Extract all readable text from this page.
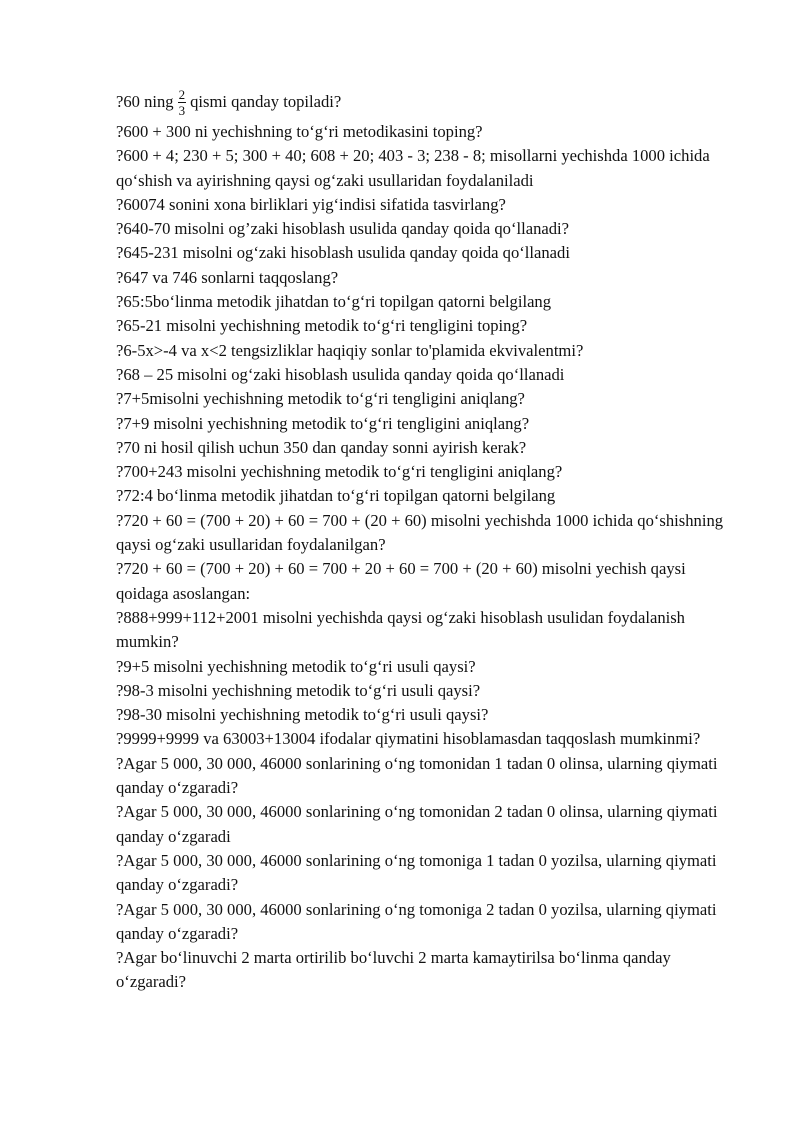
?60 ning $\frac{2}{3}$ qismi qanday topiladi?
?600 + 300 ni yechishning to‘g‘ri metodikasini toping?
?600 + 4; 230 + 5; 300 + 40; 608 + 20; 403 - 3; 238 - 8; misollarni yechishda 1000 ichida qo‘shish va ayirishning qaysi og‘zaki usullaridan foydalaniladi
?60074 sonini xona birliklari yig‘indisi sifatida tasvirlang?
?640-70 misolni og’zaki hisoblash usulida qanday qoida qo‘llanadi?
?645-231 misolni og‘zaki hisoblash usulida qanday qoida qo‘llanadi
?647 va 746 sonlarni taqqoslang?
?65:5bo‘linma metodik jihatdan to‘g‘ri topilgan qatorni belgilang
?65-21 misolni yechishning metodik to‘g‘ri tengligini toping?
?6-5x>-4 va x<2 tengsizliklar haqiqiy sonlar to'plamida ekvivalentmi?
?68 – 25 misolni og‘zaki hisoblash usulida qanday qoida qo‘llanadi
?7+5misolni yechishning metodik to‘g‘ri tengligini aniqlang?
?7+9 misolni yechishning metodik to‘g‘ri tengligini aniqlang?
?70 ni hosil qilish uchun 350 dan qanday sonni ayirish kerak?
?700+243 misolni yechishning metodik to‘g‘ri tengligini aniqlang?
?72:4 bo‘linma metodik jihatdan to‘g‘ri topilgan qatorni belgilang
?720 + 60 = (700 + 20) + 60 = 700 + (20 + 60) misolni yechishda 1000 ichida qo‘shishning qaysi og‘zaki usullaridan foydalanilgan?
?720 + 60 = (700 + 20) + 60 = 700 + 20 + 60 = 700 + (20 + 60) misolni yechish qaysi qoidaga asoslangan:
?888+999+112+2001 misolni yechishda qaysi og‘zaki hisoblash usulidan foydalanish mumkin?
?9+5 misolni yechishning metodik to‘g‘ri usuli qaysi?
?98-3 misolni yechishning metodik to‘g‘ri usuli qaysi?
?98-30 misolni yechishning metodik to‘g‘ri usuli qaysi?
?9999+9999 va 63003+13004 ifodalar qiymatini hisoblamasdan taqqoslash mumkinmi?
?Agar 5 000, 30 000, 46000 sonlarining o‘ng tomonidan 1 tadan 0 olinsa, ularning qiymati qanday o‘zgaradi?
?Agar 5 000, 30 000, 46000 sonlarining o‘ng tomonidan 2 tadan 0 olinsa, ularning qiymati qanday o‘zgaradi
?Agar 5 000, 30 000, 46000 sonlarining o‘ng tomoniga 1 tadan 0 yozilsa, ularning qiymati qanday o‘zgaradi?
?Agar 5 000, 30 000, 46000 sonlarining o‘ng tomoniga 2 tadan 0 yozilsa, ularning qiymati qanday o‘zgaradi?
?Agar bo‘linuvchi 2 marta ortirilib bo‘luvchi 2 marta kamaytirilsa bo‘linma qanday o‘zgaradi?
